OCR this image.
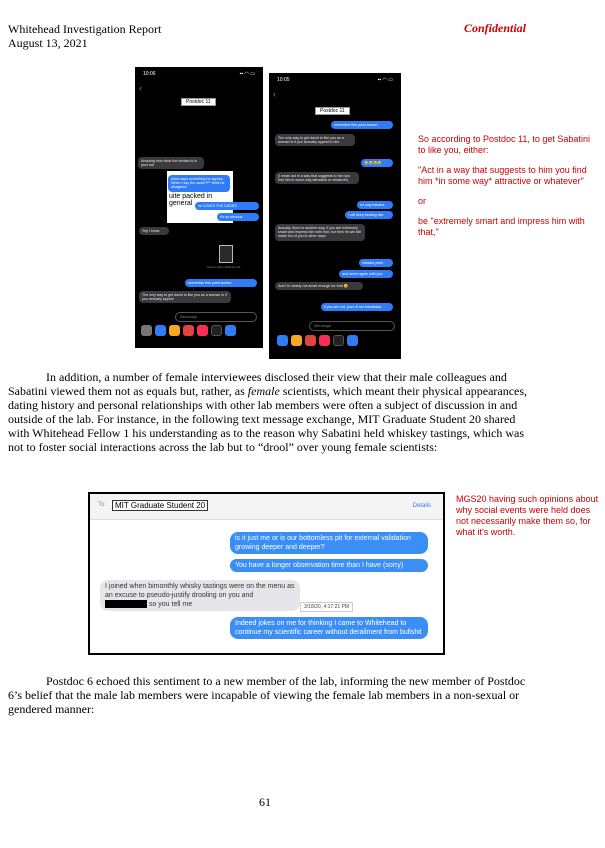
Whitehead Investigation Report
August 13, 2021
Confidential
10:06	▪▪ ◠ ▭
‹
Postdoc 11
uite packed in general
Amazing how clear the sexism is in your lab
when says something he agrees ; When I say the same f*** think he disagrees
he LOVES THE DUDES
it's so obvious
Yep I know
Screen Shot 2018-10-18...
remember this point screen
The only way to get david to like you as a woman is if you sexually appeal
iMessage
10:05	▪▪ ◠ ▭
‹
Postdoc 11
remember this point screen
The only way to get david to like you as a woman is if you sexually appeal to him
😂😂😂😂
(I mean act in a way that suggests to him you find him in some way attractive or whatever)
no way hahaha
I will keep beating him
Actually, there is another way, if you are extremely smart and impress him with that, but then he will still make fun of you in other ways
hahaha yeah
and never agree with you
And I'm clearly not smart enough for that 😊
if you are not, poor of me hahahaha
iMessage
So according to Postdoc 11, to get Sabatini to like you, either:
"Act in a way that suggests to him you find him *in some way* attractive or whatever"
or
be "extremely smart and impress him with that,"
In addition, a number of female interviewees disclosed their view that their male colleagues and Sabatini viewed them not as equals but, rather, as female scientists, which meant their physical appearances, dating history and personal relationships with other lab members were often a subject of discussion in and outside of the lab. For instance, in the following text message exchange, MIT Graduate Student 20 shared with Whitehead Fellow 1 his understanding as to the reason why Sabatini held whiskey tastings, which was not to foster social interactions across the lab but to “drool” over young female scientists:
To:	MIT Graduate Student 20	Details
is it just me or is our bottomless pit for external validation growing deeper and deeper?
You have a longer observation time than I have (sorry)
I joined when bimonthly whisky tastings were on the menu as an excuse to pseudo-justify drooling on you and  so you tell me	3/18/20, 4:17:21 PM
Indeed jokes on me for thinking I came to Whitehead to continue my scientific career without derailment from bullshit
MGS20 having such opinions about why social events were held does not necessarily make them so, for what it's worth.
Postdoc 6 echoed this sentiment to a new member of the lab, informing the new member of Postdoc 6’s belief that the male lab members were incapable of viewing the female lab members in a non-sexual or gendered manner:
61
